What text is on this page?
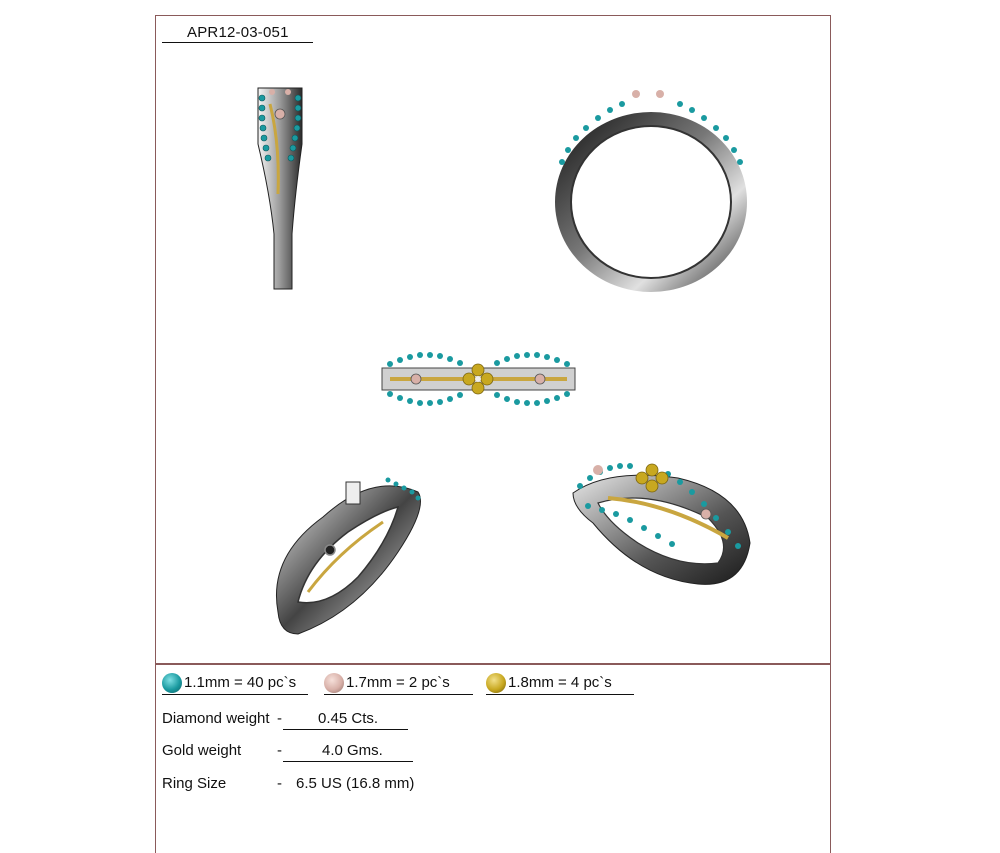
APR12-03-051
1.1mm = 40 pc`s	1.7mm = 2 pc`s	1.8mm = 4 pc`s
Diamond weight -	0.45 Cts.
Gold weight -	4.0 Gms.
Ring Size	- 6.5 US (16.8 mm)
